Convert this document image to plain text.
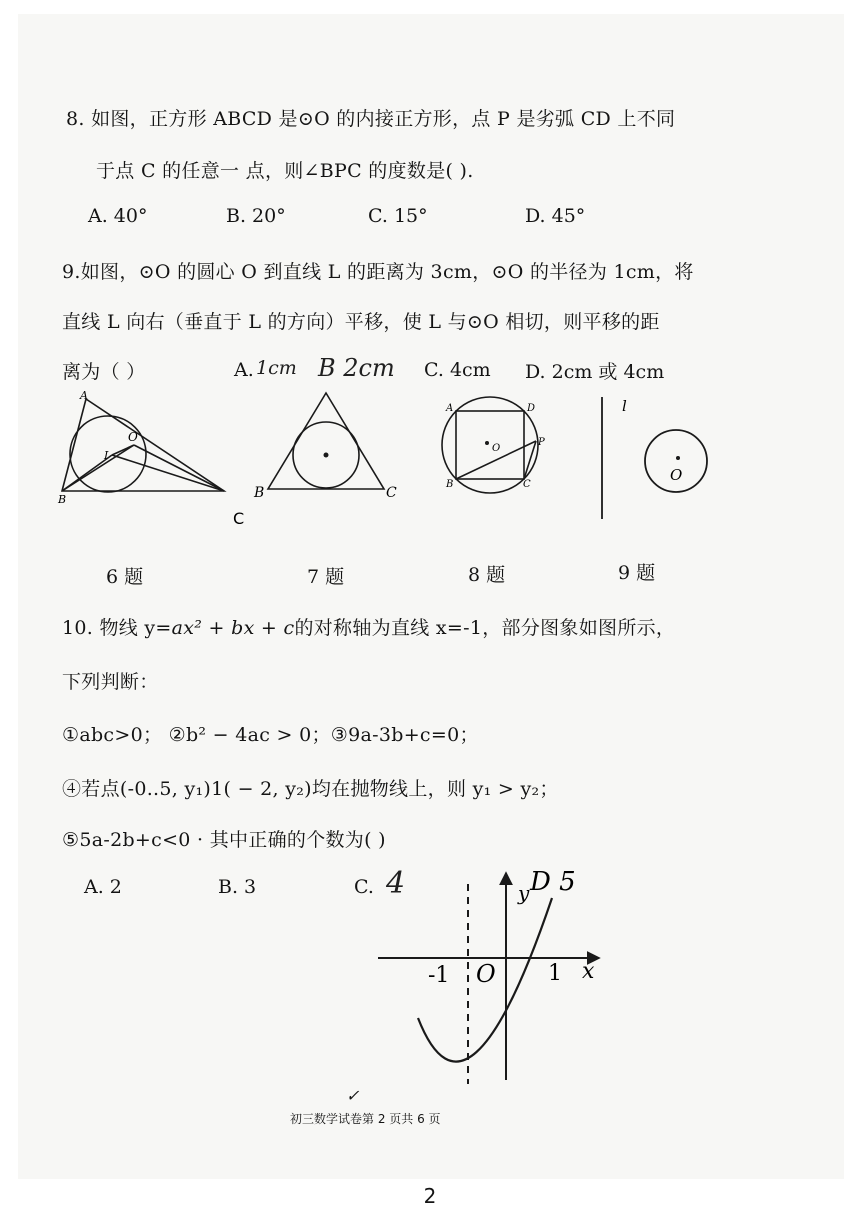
8. 如图，正方形 ABCD 是⊙O 的内接正方形，点 P 是劣弧 CD 上不同
于点 C 的任意一 点，则∠BPC 的度数是( ).
A. 40°	B. 20°	C. 15°	D. 45°
9.如图，⊙O 的圆心 O 到直线 L 的距离为 3cm，⊙O 的半径为 1cm，将
直线 L 向右（垂直于 L 的方向）平移，使 L 与⊙O 相切，则平移的距
离为（ ）	A. 1cm B 2cm C. 4cm D. 2cm 或 4cm
A
B
I
O
C
B	C
A	D
B	C
O
P
l
O
6 题	7 题	8 题	9 题
10. 物线 y=ax² + bx + c的对称轴为直线 x=-1，部分图象如图所示，
下列判断：
①abc>0； ②b² − 4ac > 0；③9a-3b+c=0；
④若点(-0..5, y₁)1( − 2, y₂)均在抛物线上，则 y₁ > y₂；
⑤5a-2b+c<0 · 其中正确的个数为( )
A. 2	B. 3	C. 4	y
x
-1 O 1
D 5
✓
初三数学试卷第 2 页共 6 页
2
